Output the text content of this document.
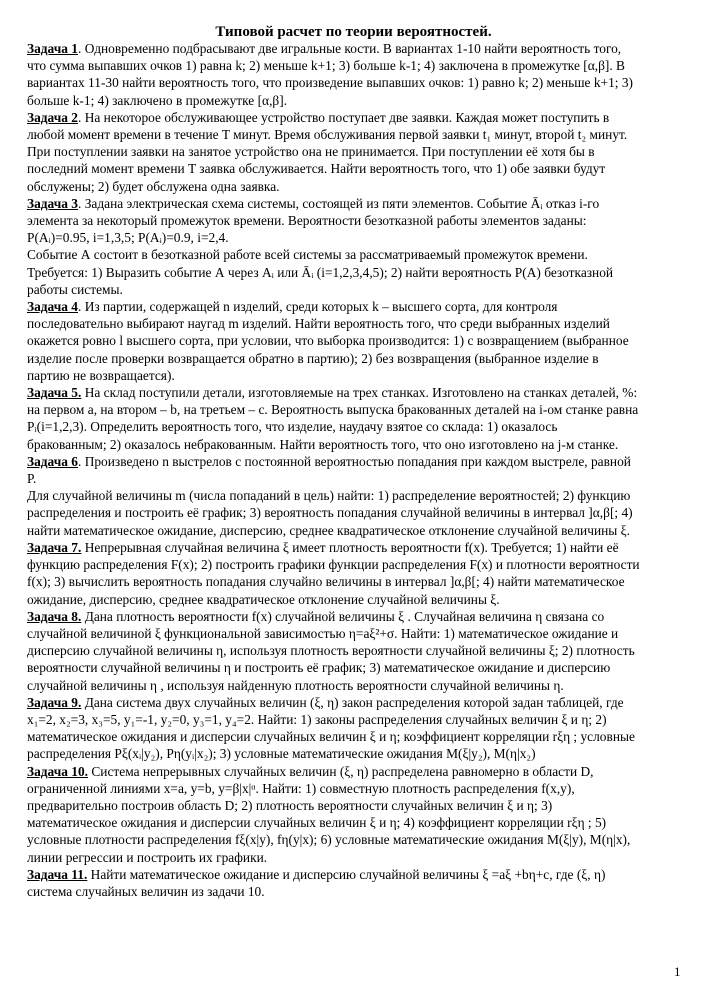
Типовой расчет по теории вероятностей.
Задача 1. Одновременно подбрасывают две игральные кости. В вариантах 1-10 найти вероятность того,
что сумма выпавших очков 1) равна k; 2) меньше k+1; 3) больше k-1; 4) заключена в промежутке [α,β]. В
вариантах 11-30 найти вероятность того, что произведение выпавших очков: 1) равно k; 2) меньше k+1; 3)
больше k-1; 4) заключено в промежутке [α,β].
Задача 2. На некоторое обслуживающее устройство поступает две заявки. Каждая может поступить в
любой момент времени в течение T минут. Время обслуживания первой заявки t₁ минут, второй t₂ минут.
При поступлении заявки на занятое устройство она не принимается. При поступлении её хотя бы в
последний момент времени T заявка обслуживается. Найти вероятность того, что 1) обе заявки будут
обслужены; 2) будет обслужена одна заявка.
Задача 3. Задана электрическая схема системы, состоящей из пяти элементов. Событие Āᵢ отказ i-го
элемента за некоторый промежуток времени. Вероятности безотказной работы элементов заданы:
P(Aᵢ)=0.95, i=1,3,5; P(Aᵢ)=0.9, i=2,4.
Событие А состоит в безотказной работе всей системы за рассматриваемый промежуток времени.
Требуется: 1) Выразить событие А через Aᵢ или Āᵢ (i=1,2,3,4,5); 2) найти вероятность P(A) безотказной
работы системы.
Задача 4. Из партии, содержащей n изделий, среди которых k – высшего сорта, для контроля
последовательно выбирают наугад m изделий. Найти вероятность того, что среди выбранных изделий
окажется ровно l высшего сорта, при условии, что выборка производится: 1) с возвращением (выбранное
изделие после проверки возвращается обратно в партию); 2) без возвращения (выбранное изделие в
партию не возвращается).
Задача 5. На склад поступили детали, изготовляемые на трех станках. Изготовлено на станках деталей, %:
на первом a, на втором – b, на третьем – c. Вероятность выпуска бракованных деталей на i-ом станке равна
Pᵢ(i=1,2,3). Определить вероятность того, что изделие, наудачу взятое со склада: 1) оказалось
бракованным; 2) оказалось небракованным. Найти вероятность того, что оно изготовлено на j-м станке.
Задача 6. Произведено n выстрелов с постоянной вероятностью попадания при каждом выстреле, равной
P.
Для случайной величины m (числа попаданий в цель) найти: 1) распределение вероятностей; 2) функцию
распределения и построить её график; 3) вероятность попадания случайной величины в интервал ]α,β[; 4)
найти математическое ожидание, дисперсию, среднее квадратическое отклонение случайной величины ξ.
Задача 7. Непрерывная случайная величина ξ имеет плотность вероятности f(x). Требуется; 1) найти её
функцию распределения F(x); 2) построить графики функции распределения F(x) и плотности вероятности
f(x); 3) вычислить вероятность попадания случайно величины в интервал ]α,β[; 4) найти математическое
ожидание, дисперсию, среднее квадратическое отклонение случайной величины ξ.
Задача 8. Дана плотность вероятности f(x) случайной величины ξ . Случайная величина η связана со
случайной величиной ξ функциональной зависимостью η=aξ²+σ. Найти: 1) математическое ожидание и
дисперсию случайной величины η, используя плотность вероятности случайной величины ξ; 2) плотность
вероятности случайной величины η и построить её график; 3) математическое ожидание и дисперсию
случайной величины η , используя найденную плотность вероятности случайной величины η.
Задача 9. Дана система двух случайных величин (ξ, η) закон распределения которой задан таблицей, где
x₁=2, x₂=3, x₃=5, y₁=-1, y₂=0, y₃=1, y₄=2. Найти: 1) законы распределения случайных величин ξ и η; 2)
математическое ожидания и дисперсии случайных величин ξ и η; коэффициент корреляции rξη ; условные
распределения Pξ(xᵢ|y₂), Pη(yᵢ|x₂); 3) условные математические ожидания M(ξ|y₂), M(η|x₂)
Задача 10. Система непрерывных случайных величин (ξ, η) распределена равномерно в области D,
ограниченной линиями x=a, y=b, y=β|x|ᵅ. Найти: 1) совместную плотность распределения f(x,y),
предварительно построив область D; 2) плотность вероятности случайных величин ξ и η; 3)
математическое ожидания и дисперсии случайных величин ξ и η; 4) коэффициент корреляции rξη ; 5)
условные плотности распределения fξ(x|y), fη(y|x); 6) условные математические ожидания M(ξ|y), M(η|x),
линии регрессии и построить их графики.
Задача 11. Найти математическое ожидание и дисперсию случайной величины ξ =aξ +bη+c, где (ξ, η)
система случайных величин из задачи 10.
1
